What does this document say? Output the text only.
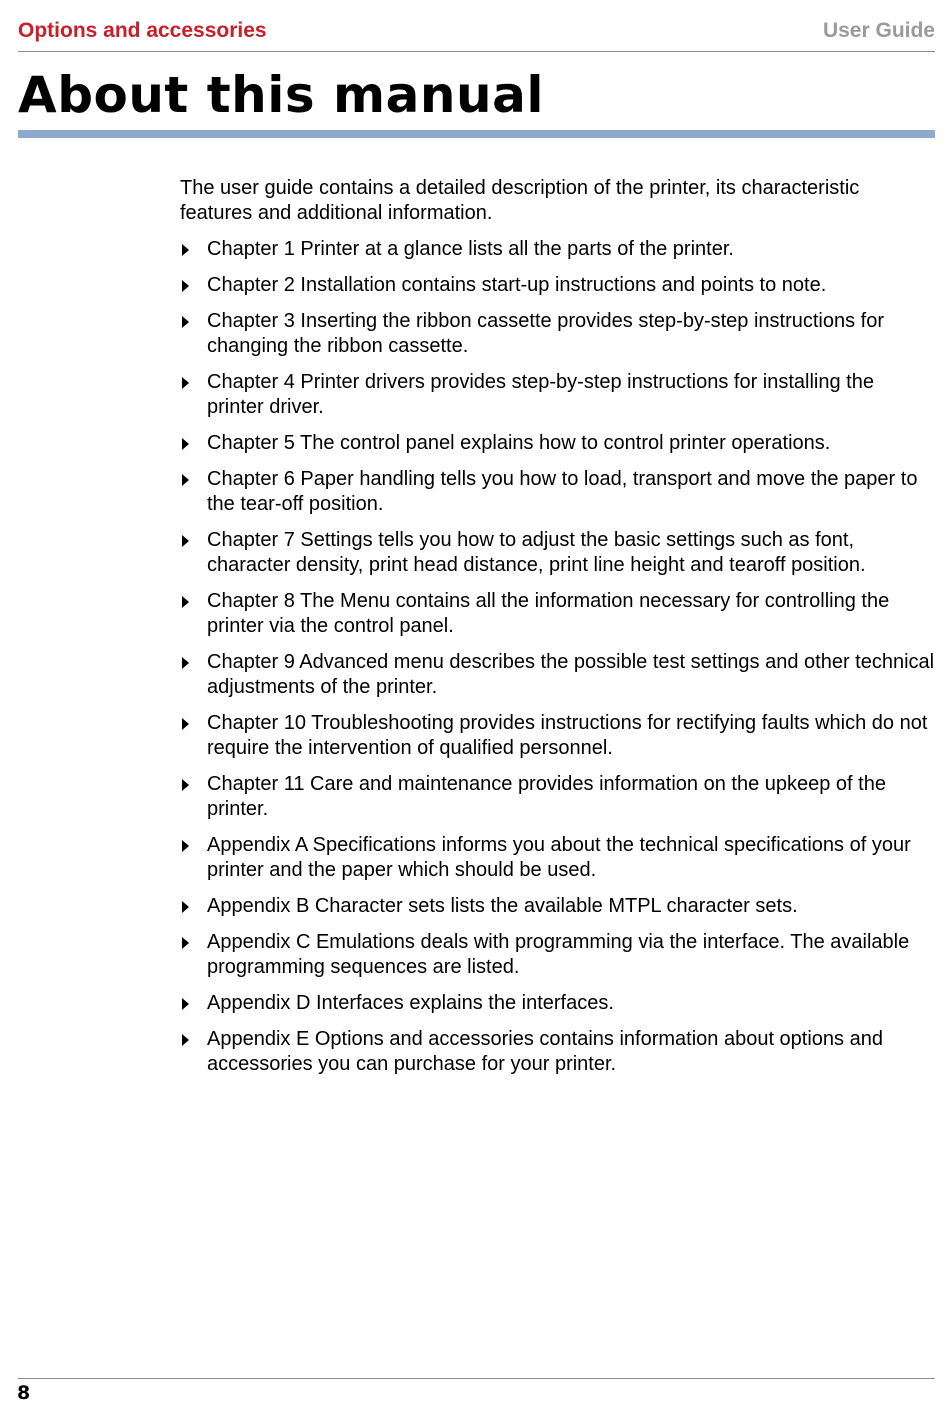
Options and accessories	User Guide
About this manual

The user guide contains a detailed description of the printer, its characteristic features and additional information.

Chapter 1 Printer at a glance lists all the parts of the printer.
Chapter 2 Installation contains start-up instructions and points to note.
Chapter 3 Inserting the ribbon cassette provides step-by-step instructions for changing the ribbon cassette.
Chapter 4 Printer drivers provides step-by-step instructions for installing the printer driver.
Chapter 5 The control panel explains how to control printer operations.
Chapter 6 Paper handling tells you how to load, transport and move the paper to the tear-off position.
Chapter 7 Settings tells you how to adjust the basic settings such as font, character density, print head distance, print line height and tearoff position.
Chapter 8 The Menu contains all the information necessary for controlling the printer via the control panel.
Chapter 9 Advanced menu describes the possible test settings and other technical adjustments of the printer.
Chapter 10 Troubleshooting provides instructions for rectifying faults which do not require the intervention of qualified personnel.
Chapter 11 Care and maintenance provides information on the upkeep of the printer.
Appendix A Specifications informs you about the technical specifications of your printer and the paper which should be used.
Appendix B Character sets lists the available MTPL character sets.
Appendix C Emulations deals with programming via the interface. The available programming sequences are listed.
Appendix D Interfaces explains the interfaces.
Appendix E Options and accessories contains information about options and accessories you can purchase for your printer.
8
